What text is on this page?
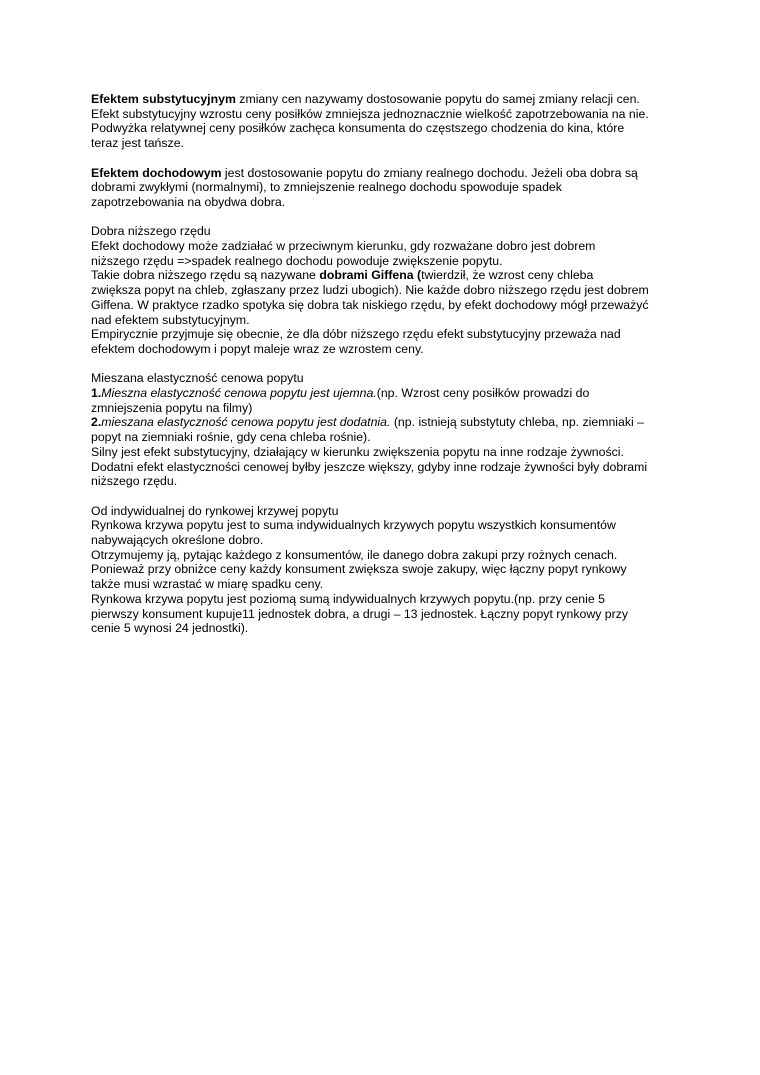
Efektem substytucyjnym zmiany cen nazywamy dostosowanie popytu do samej zmiany relacji cen.
Efekt substytucyjny wzrostu ceny posiłków zmniejsza jednoznacznie wielkość zapotrzebowania na nie.
Podwyżka relatywnej ceny posiłków zachęca konsumenta do częstszego chodzenia do kina, które
teraz jest tańsze.
Efektem dochodowym jest dostosowanie popytu do zmiany realnego dochodu. Jeżeli oba dobra są
dobrami zwykłymi (normalnymi), to zmniejszenie realnego dochodu spowoduje spadek
zapotrzebowania na obydwa dobra.
Dobra niższego rzędu
Efekt dochodowy może zadziałać w przeciwnym kierunku, gdy rozważane dobro jest dobrem
niższego rzędu =>spadek realnego dochodu powoduje zwiększenie popytu.
Takie dobra niższego rzędu są nazywane dobrami Giffena (twierdził, że wzrost ceny chleba
zwiększa popyt na chleb, zgłaszany przez ludzi ubogich). Nie każde dobro niższego rzędu jest dobrem
Giffena. W praktyce rzadko spotyka się dobra tak niskiego rzędu, by efekt dochodowy mógł przeważyć
nad efektem substytucyjnym.
Empirycznie przyjmuje się obecnie, że dla dóbr niższego rzędu efekt substytucyjny przeważa nad
efektem dochodowym i popyt maleje wraz ze wzrostem ceny.
Mieszana elastyczność cenowa popytu
1.Mieszna elastyczność cenowa popytu jest ujemna.(np. Wzrost ceny posiłków prowadzi do
zmniejszenia popytu na filmy)
2.mieszana elastyczność cenowa popytu jest dodatnia. (np. istnieją substytuty chleba, np. ziemniaki –
popyt na ziemniaki rośnie, gdy cena chleba rośnie).
Silny jest efekt substytucyjny, działający w kierunku zwiększenia popytu na inne rodzaje żywności.
Dodatni efekt elastyczności cenowej byłby jeszcze większy, gdyby inne rodzaje żywności były dobrami
niższego rzędu.
Od indywidualnej do rynkowej krzywej popytu
Rynkowa krzywa popytu jest to suma indywidualnych krzywych popytu wszystkich konsumentów
nabywających określone dobro.
Otrzymujemy ją, pytając każdego z konsumentów, ile danego dobra zakupi przy rożnych cenach.
Ponieważ przy obniżce ceny każdy konsument zwiększa swoje zakupy, więc łączny popyt rynkowy
także musi wzrastać w miarę spadku ceny.
Rynkowa krzywa popytu jest poziomą sumą indywidualnych krzywych popytu.(np. przy cenie 5
pierwszy konsument kupuje11 jednostek dobra, a drugi – 13 jednostek. Łączny popyt rynkowy przy
cenie 5 wynosi 24 jednostki).
